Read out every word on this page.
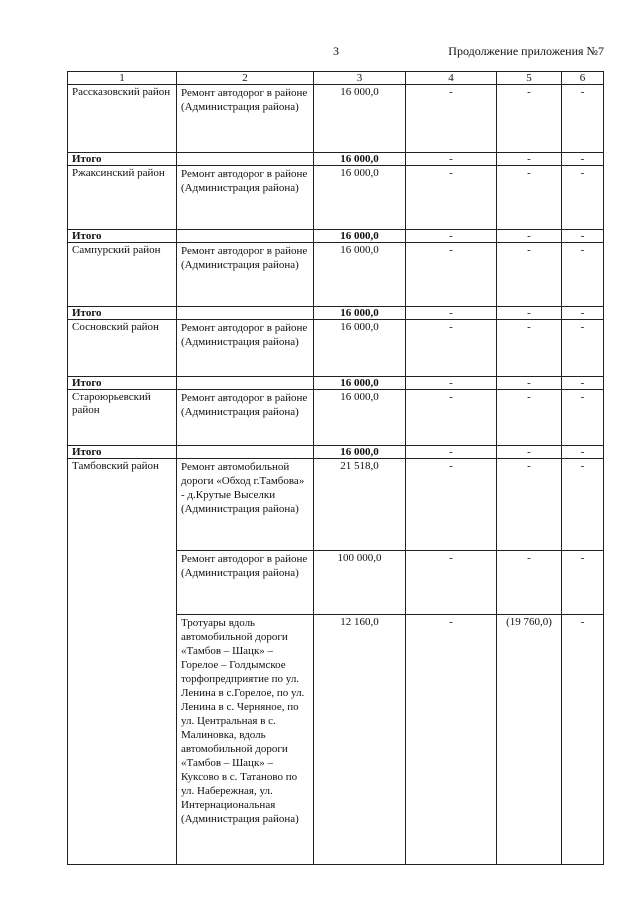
3	Продолжение приложения №7
1	2	3	4	5	6
Рассказовский район	Ремонт автодорог в районе (Администрация района)	16 000,0	-	-	-
Итого		16 000,0	-	-	-
Ржаксинский район	Ремонт автодорог в районе (Администрация района)	16 000,0	-	-	-
Итого		16 000,0	-	-	-
Сампурский район	Ремонт автодорог в районе (Администрация района)	16 000,0	-	-	-
Итого		16 000,0	-	-	-
Сосновский район	Ремонт автодорог в районе (Администрация района)	16 000,0	-	-	-
Итого		16 000,0	-	-	-
Староюрьевский район	Ремонт автодорог в районе (Администрация района)	16 000,0	-	-	-
Итого		16 000,0	-	-	-
Тамбовский район	Ремонт автомобильной дороги «Обход г.Тамбова» - д.Крутые Выселки (Администрация района)	21 518,0	-	-	-
	Ремонт автодорог в районе (Администрация района)	100 000,0	-	-	-
	Тротуары вдоль автомобильной дороги «Тамбов – Шацк» – Горелое – Голдымское торфопредприятие по ул. Ленина в с.Горелое, по ул. Ленина в с. Черняное, по ул. Центральная в с. Малиновка, вдоль автомобильной дороги «Тамбов – Шацк» – Куксово в с. Татаново по ул. Набережная, ул. Интернациональная (Администрация района)	12 160,0	-	(19 760,0)	-
